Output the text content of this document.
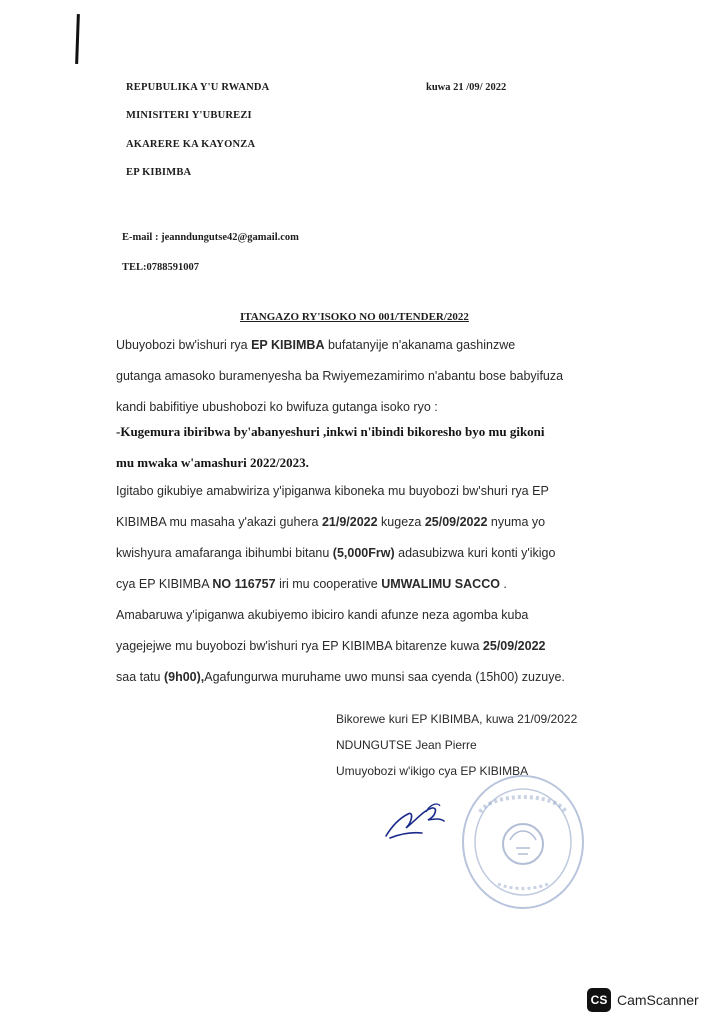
REPUBULIKA Y'U RWANDA
MINISITERI Y'UBUREZI
AKARERE KA KAYONZA
EP KIBIMBA
kuwa 21 /09/ 2022
E-mail : jeanndungutse42@gamail.com
TEL:0788591007
ITANGAZO RY'ISOKO NO 001/TENDER/2022
Ubuyobozi bw'ishuri rya EP KIBIMBA bufatanyije n'akanama gashinzwe
gutanga amasoko buramenyesha ba Rwiyemezamirimo n'abantu bose babyifuza
kandi babifitiye ubushobozi ko bwifuza gutanga isoko ryo :
-Kugemura ibiribwa by'abanyeshuri ,inkwi n'ibindi bikoresho byo mu gikoni
mu mwaka w'amashuri 2022/2023.
Igitabo gikubiye amabwiriza y'ipiganwa kiboneka mu buyobozi bw'shuri rya EP
KIBIMBA mu masaha y'akazi guhera 21/9/2022 kugeza 25/09/2022 nyuma yo
kwishyura amafaranga ibihumbi bitanu (5,000Frw) adasubizwa kuri konti y'ikigo
cya EP KIBIMBA NO 116757 iri mu cooperative UMWALIMU SACCO .
Amabaruwa y'ipiganwa akubiyemo ibiciro kandi afunze neza agomba kuba
yagejejwe mu buyobozi bw'ishuri rya EP KIBIMBA bitarenze kuwa 25/09/2022
saa tatu (9h00),Agafungurwa muruhame uwo munsi saa cyenda (15h00) zuzuye.
Bikorewe kuri EP KIBIMBA, kuwa 21/09/2022
NDUNGUTSE Jean Pierre
Umuyobozi w'ikigo cya EP KIBIMBA
CS CamScanner
